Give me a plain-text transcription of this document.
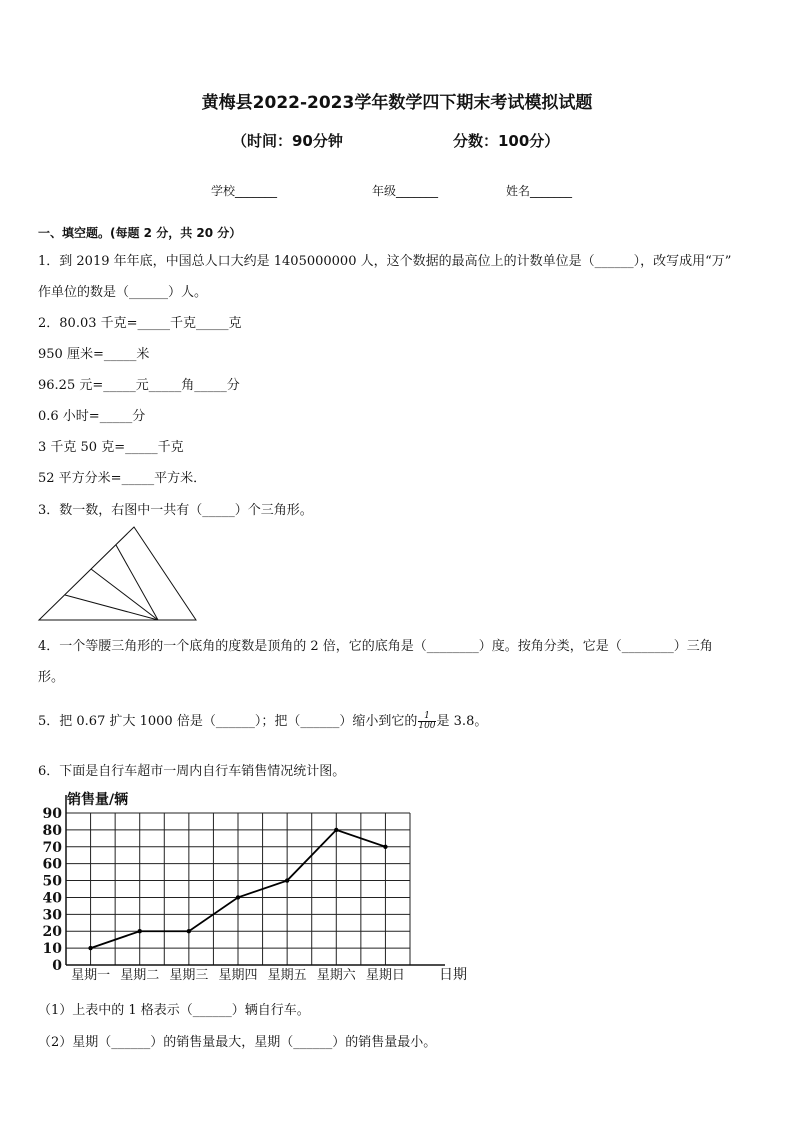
黄梅县2022-2023学年数学四下期末考试模拟试题
（时间：90分钟	分数：100分）
学校_______	年级_______	姓名_______
一、填空题。(每题 2 分，共 20 分）
1．到 2019 年年底，中国总人口大约是 1405000000 人，这个数据的最高位上的计数单位是（______），改写成用“万”
作单位的数是（______）人。
2．80.03 千克=_____千克_____克
950 厘米=_____米
96.25 元=_____元_____角_____分
0.6 小时=_____分
3 千克 50 克=_____千克
52 平方分米=_____平方米．
3．数一数，右图中一共有（_____）个三角形。
4．一个等腰三角形的一个底角的度数是顶角的 2 倍，它的底角是（________）度。按角分类，它是（________）三角
形。
5．把 0.67 扩大 1000 倍是（______）；把（______）缩小到它的 $\frac{1}{100}$ 是 3.8。
6．下面是自行车超市一周内自行车销售情况统计图。
0
10
20
30
40
50
60
70
80
90
星期一 星期二 星期三 星期四 星期五 星期六 星期日
销售量/辆
日期
（1）上表中的 1 格表示（______）辆自行车。
（2）星期（______）的销售量最大，星期（______）的销售量最小。
